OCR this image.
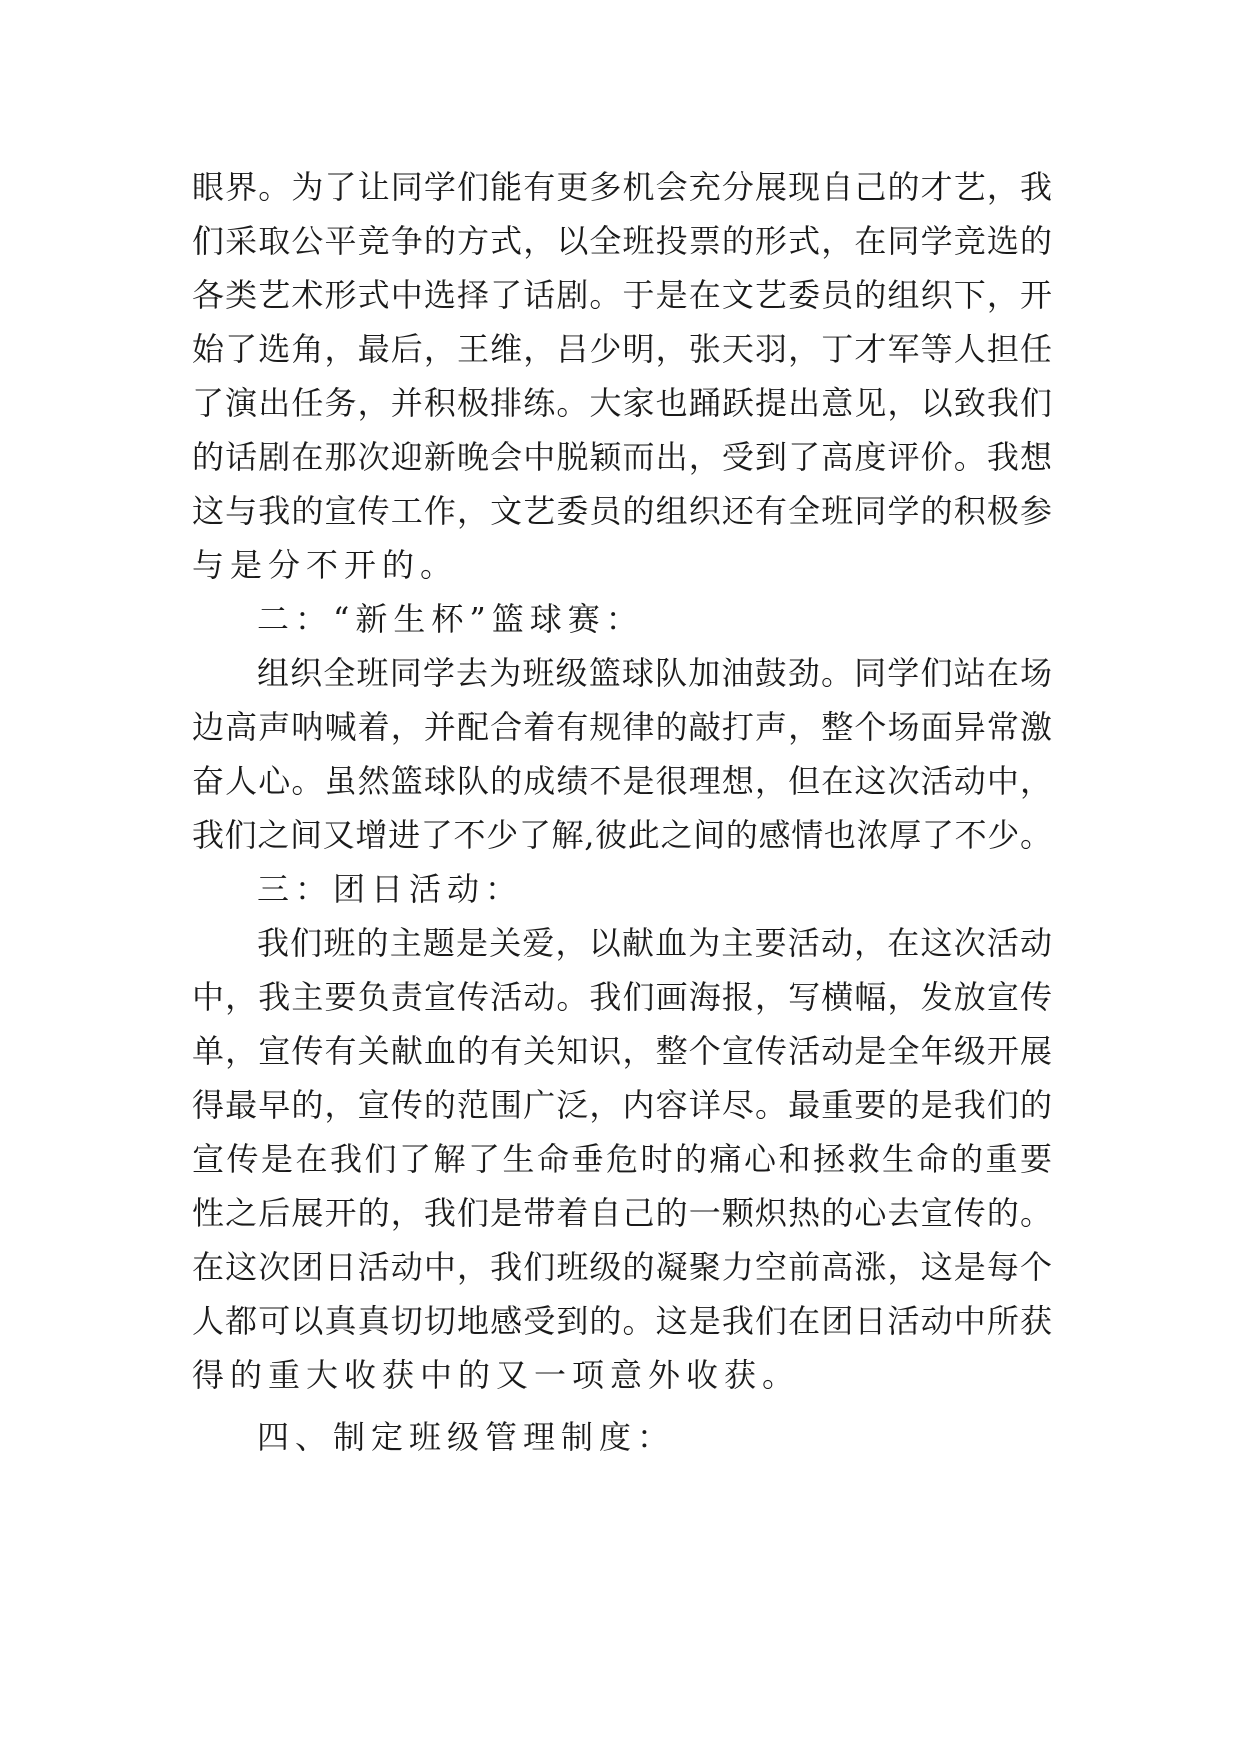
眼界。为了让同学们能有更多机会充分展现自己的才艺，我
们采取公平竞争的方式，以全班投票的形式，在同学竞选的
各类艺术形式中选择了话剧。于是在文艺委员的组织下，开
始了选角，最后，王维，吕少明，张天羽，丁才军等人担任
了演出任务，并积极排练。大家也踊跃提出意见，以致我们
的话剧在那次迎新晚会中脱颖而出，受到了高度评价。我想
这与我的宣传工作，文艺委员的组织还有全班同学的积极参
与是分不开的。
二：“新生杯”篮球赛：
组织全班同学去为班级篮球队加油鼓劲。同学们站在场
边高声呐喊着，并配合着有规律的敲打声，整个场面异常激
奋人心。虽然篮球队的成绩不是很理想，但在这次活动中，
我们之间又增进了不少了解,彼此之间的感情也浓厚了不少。
三：团日活动：
我们班的主题是关爱，以献血为主要活动，在这次活动
中，我主要负责宣传活动。我们画海报，写横幅，发放宣传
单，宣传有关献血的有关知识，整个宣传活动是全年级开展
得最早的，宣传的范围广泛，内容详尽。最重要的是我们的
宣传是在我们了解了生命垂危时的痛心和拯救生命的重要
性之后展开的，我们是带着自己的一颗炽热的心去宣传的。
在这次团日活动中，我们班级的凝聚力空前高涨，这是每个
人都可以真真切切地感受到的。这是我们在团日活动中所获
得的重大收获中的又一项意外收获。
四、制定班级管理制度：
